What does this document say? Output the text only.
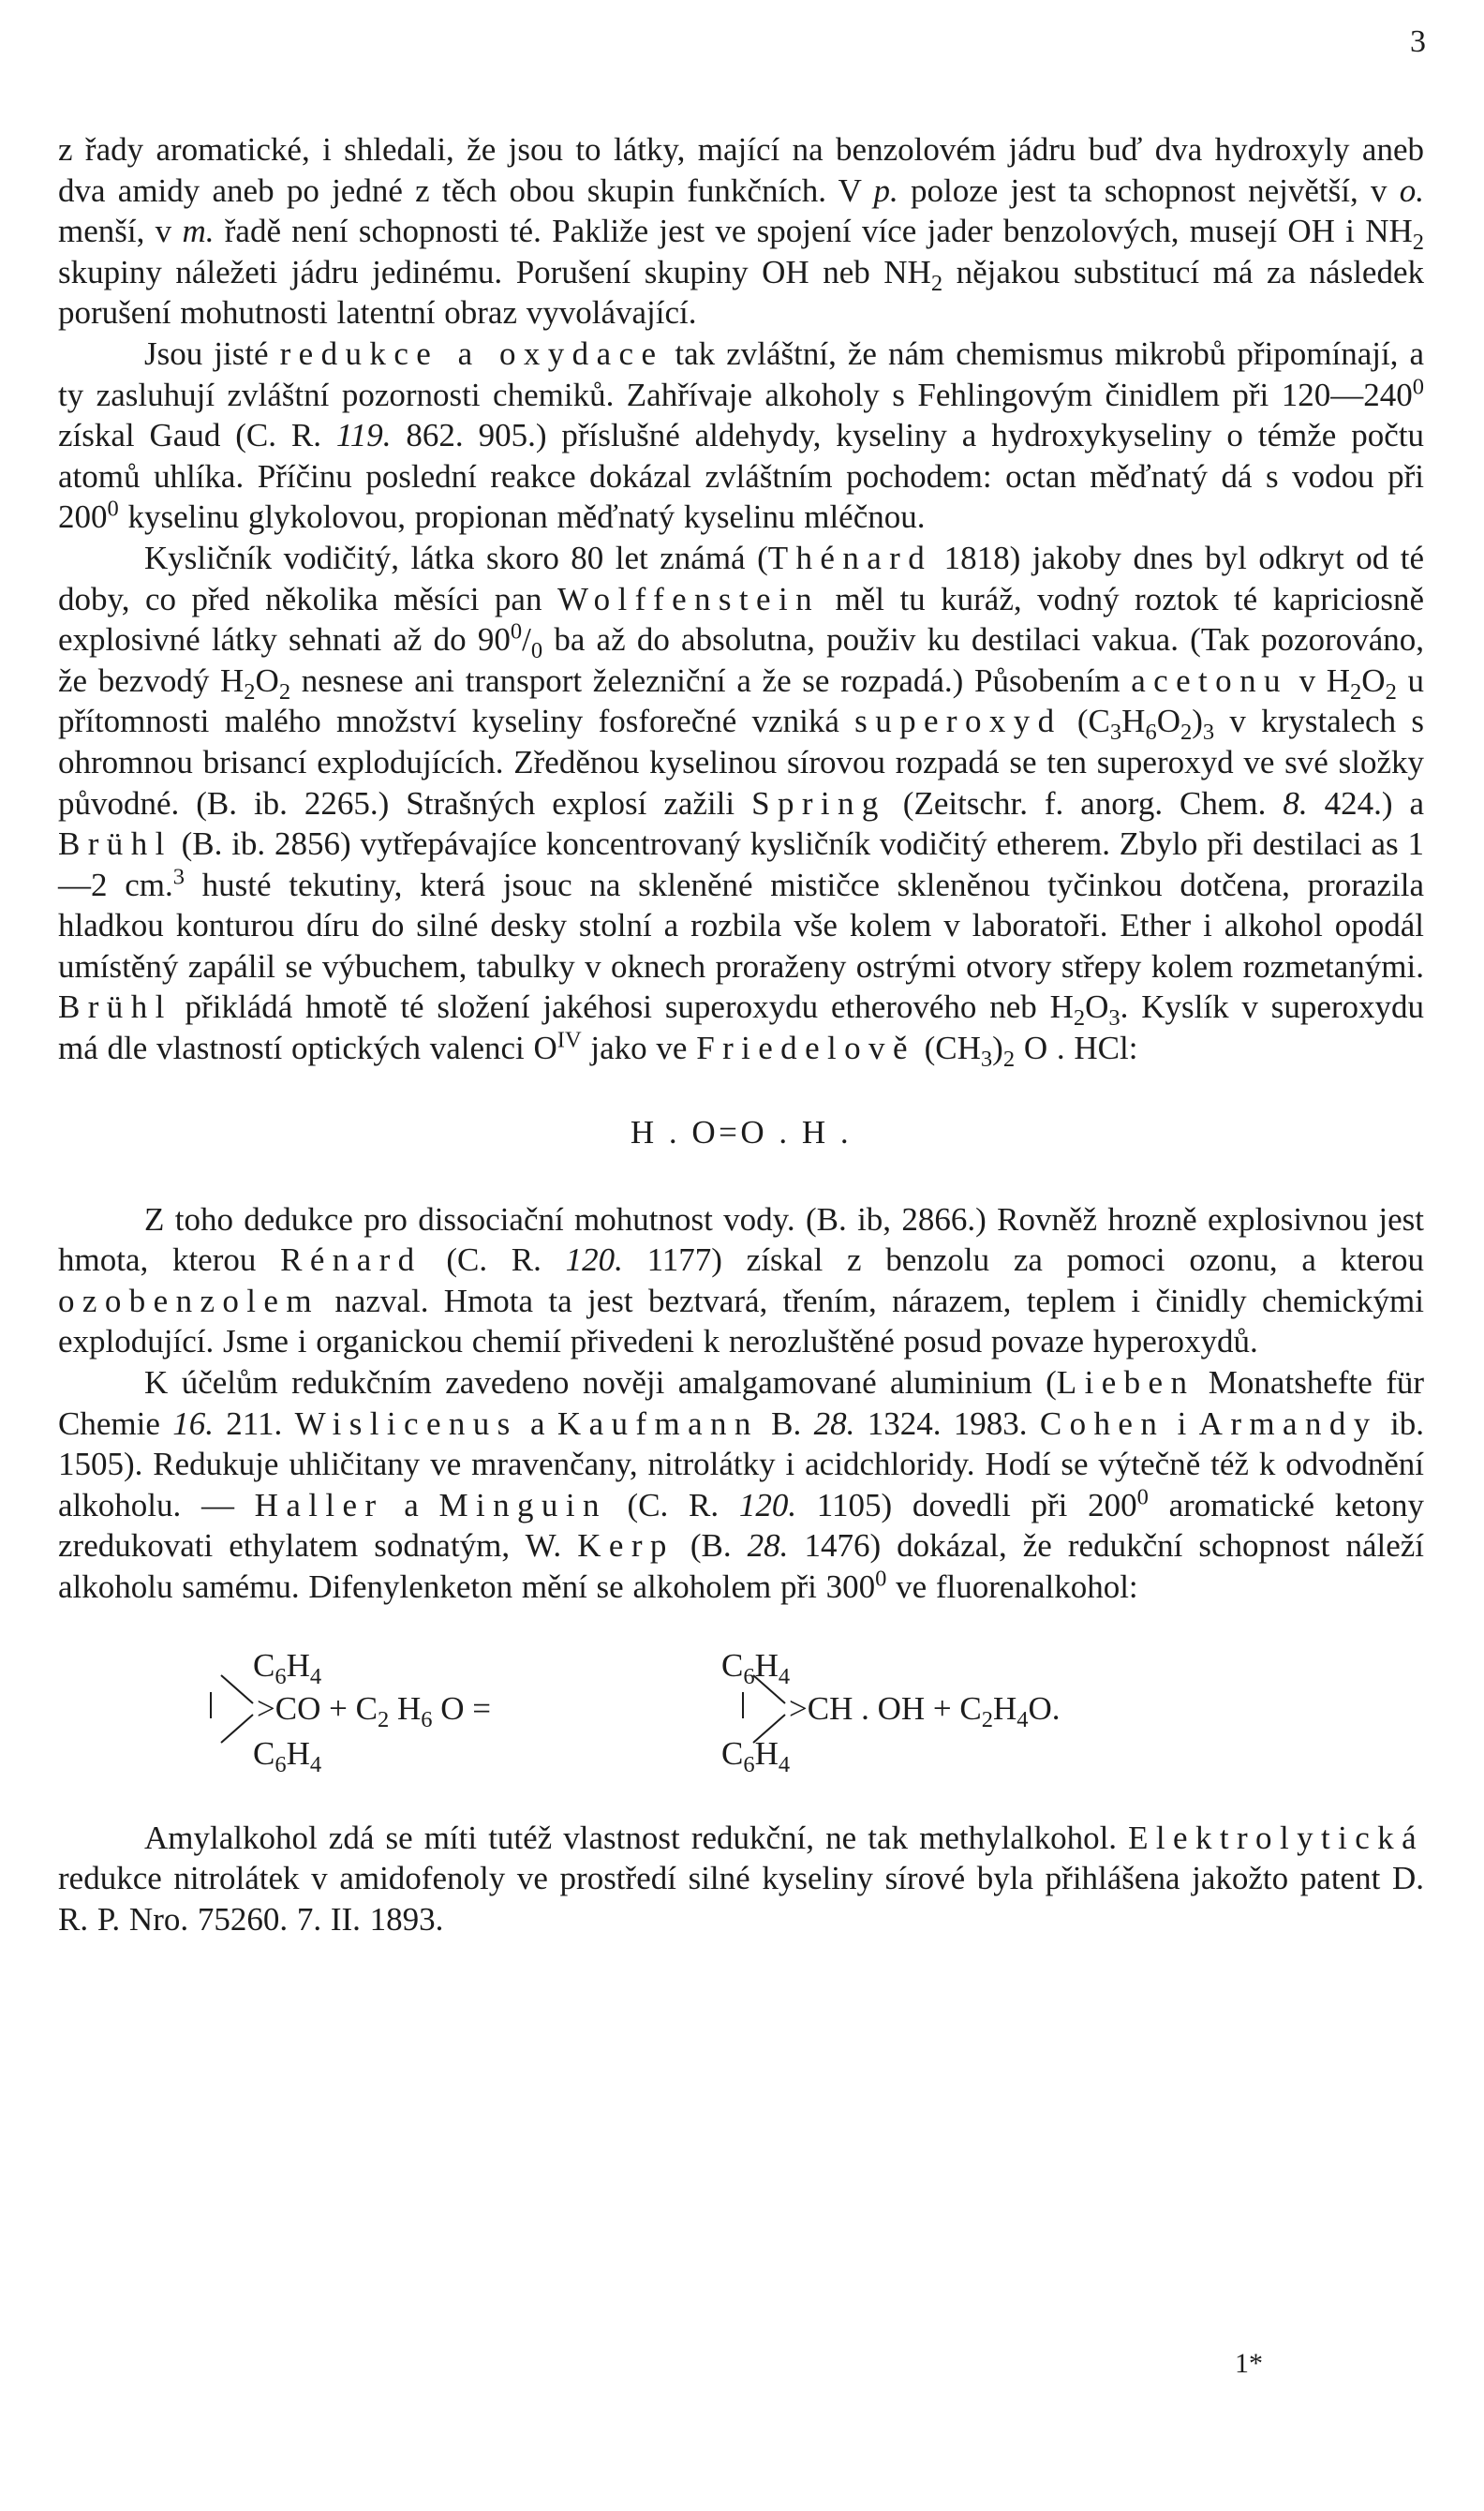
3

z řady aromatické, i shledali, že jsou to látky, mající na benzolovém jádru buď dva hydroxyly aneb dva amidy aneb po jedné z těch obou skupin funkčních. V p. poloze jest ta schopnost největší, v o. menší, v m. řadě není schopnosti té. Pakliže jest ve spojení více jader benzolových, musejí OH i $NH_2$ skupiny náležeti jádru jedinému. Porušení skupiny OH neb $NH_2$ nějakou substitucí má za následek porušení mohutnosti latentní obraz vyvolávající.

Jsou jisté redukce a oxydace tak zvláštní, že nám chemismus mikrobů připomínají, a ty zasluhují zvláštní pozornosti chemiků. Zahřívaje alkoholy s Fehlingovým činidlem při $120—240^0$ získal Gaud (C. R. 119. 862. 905.) příslušné aldehydy, kyseliny a hydroxykyseliny o témže počtu atomů uhlíka. Příčinu poslední reakce dokázal zvláštním pochodem: octan měďnatý dá s vodou při $200^0$ kyselinu glykolovou, propionan měďnatý kyselinu mléčnou.

Kysličník vodičitý, látka skoro 80 let známá (Thénard 1818) jakoby dnes byl odkryt od té doby, co před několika měsíci pan Wolffenstein měl tu kuráž, vodný roztok té kapriciosně explosivné látky sehnati až do $90^0/_0$ ba až do absolutna, použiv ku destilaci vakua. (Tak pozorováno, že bezvodý $H_2O_2$ nesnese ani transport železniční a že se rozpadá.) Působením acetonu v $H_2O_2$ u přítomnosti malého množství kyseliny fosforečné vzniká superoxyd $(C_3H_6O_2)_3$ v krystalech s ohromnou brisancí explodujících. Zředěnou kyselinou sírovou rozpadá se ten superoxyd ve své složky původné. (B. ib. 2265.) Strašných explosí zažili Spring (Zeitschr. f. anorg. Chem. 8. 424.) a Brühl (B. ib. 2856) vytřepávajíce koncentrovaný kysličník vodičitý etherem. Zbylo při destilaci as 1—2 cm.$^3$ husté tekutiny, která jsouc na skleněné mističce skleněnou tyčinkou dotčena, prorazila hladkou konturou díru do silné desky stolní a rozbila vše kolem v laboratoři. Ether i alkohol opodál umístěný zapálil se výbuchem, tabulky v oknech proraženy ostrými otvory střepy kolem rozmetanými. Brühl přikládá hmotě té složení jakéhosi superoxydu etherového neb $H_2O_3$. Kyslík v superoxydu má dle vlastností optických valenci $O^{IV}$ jako ve Friedelově $(CH_3)_2$ O . HCl:

H . O=O . H .

Z toho dedukce pro dissociační mohutnost vody. (B. ib, 2866.) Rovněž hrozně explosivnou jest hmota, kterou Rénard (C. R. 120. 1177) získal z benzolu za pomoci ozonu, a kterou ozobenzolem nazval. Hmota ta jest beztvará, třením, nárazem, teplem i činidly chemickými explodující. Jsme i organickou chemií přivedeni k nerozluštěné posud povaze hyperoxydů.

K účelům redukčním zavedeno nověji amalgamované aluminium (Lieben Monatshefte für Chemie 16. 211. Wislicenus a Kaufmann B. 28. 1324. 1983. Cohen i Armandy ib. 1505). Redukuje uhličitany ve mravenčany, nitrolátky i acidchloridy. Hodí se výtečně též k odvodnění alkoholu. — Haller a Minguin (C. R. 120. 1105) dovedli při $200^0$ aromatické ketony zredukovati ethylatem sodnatým, W. Kerp (B. 28. 1476) dokázal, že redukční schopnost náleží alkoholu samému. Difenylenketon mění se alkoholem při $300^0$ ve fluorenalkohol:

$C_6H_4$
$C_6H_4$
$>CO + C_2$ $H_6$ O =
$C_6H_4$
$C_6H_4$
>CH . OH + $C_2H_4O$.

Amylalkohol zdá se míti tutéž vlastnost redukční, ne tak methylalkohol. Elektrolytická redukce nitrolátek v amidofenoly ve prostředí silné kyseliny sírové byla přihlášena jakožto patent D. R. P. Nro. 75260. 7. II. 1893.

1*
